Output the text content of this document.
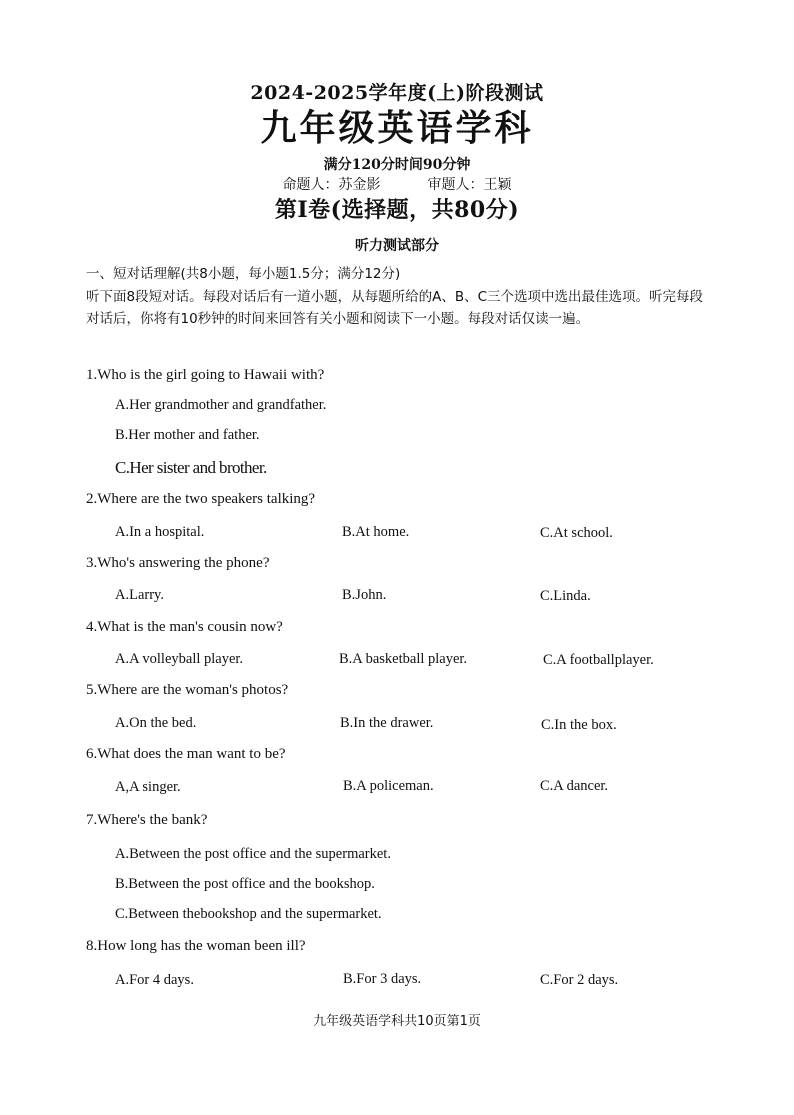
2024-2025学年度(上)阶段测试
九年级英语学科
满分120分时间90分钟
命题人：苏金影	审题人：王颖
第I卷(选择题，共80分)
听力测试部分
一、短对话理解(共8小题，每小题1.5分；满分12分)
听下面8段短对话。每段对话后有一道小题，从每题所给的A、B、C三个选项中选出最佳选项。听完每段对话后，你将有10秒钟的时间来回答有关小题和阅读下一小题。每段对话仅读一遍。
1.Who is the girl going to Hawaii with?
A.Her grandmother and grandfather.
B.Her mother and father.
C.Her sister and brother.
2.Where are the two speakers talking?
A.In a hospital.	B.At home.	C.At school.
3.Who's answering the phone?
A.Larry.	B.John.	C.Linda.
4.What is the man's cousin now?
A.A volleyball player.	B.A basketball player.	C.A footballplayer.
5.Where are the woman's photos?
A.On the bed.	B.In the drawer.	C.In the box.
6.What does the man want to be?
A,A singer.	B.A policeman.	C.A dancer.
7.Where's the bank?
A.Between the post office and the supermarket.
B.Between the post office and the bookshop.
C.Between thebookshop and the supermarket.
8.How long has the woman been ill?
A.For 4 days.	B.For 3 days.	C.For 2 days.
九年级英语学科共10页第1页
